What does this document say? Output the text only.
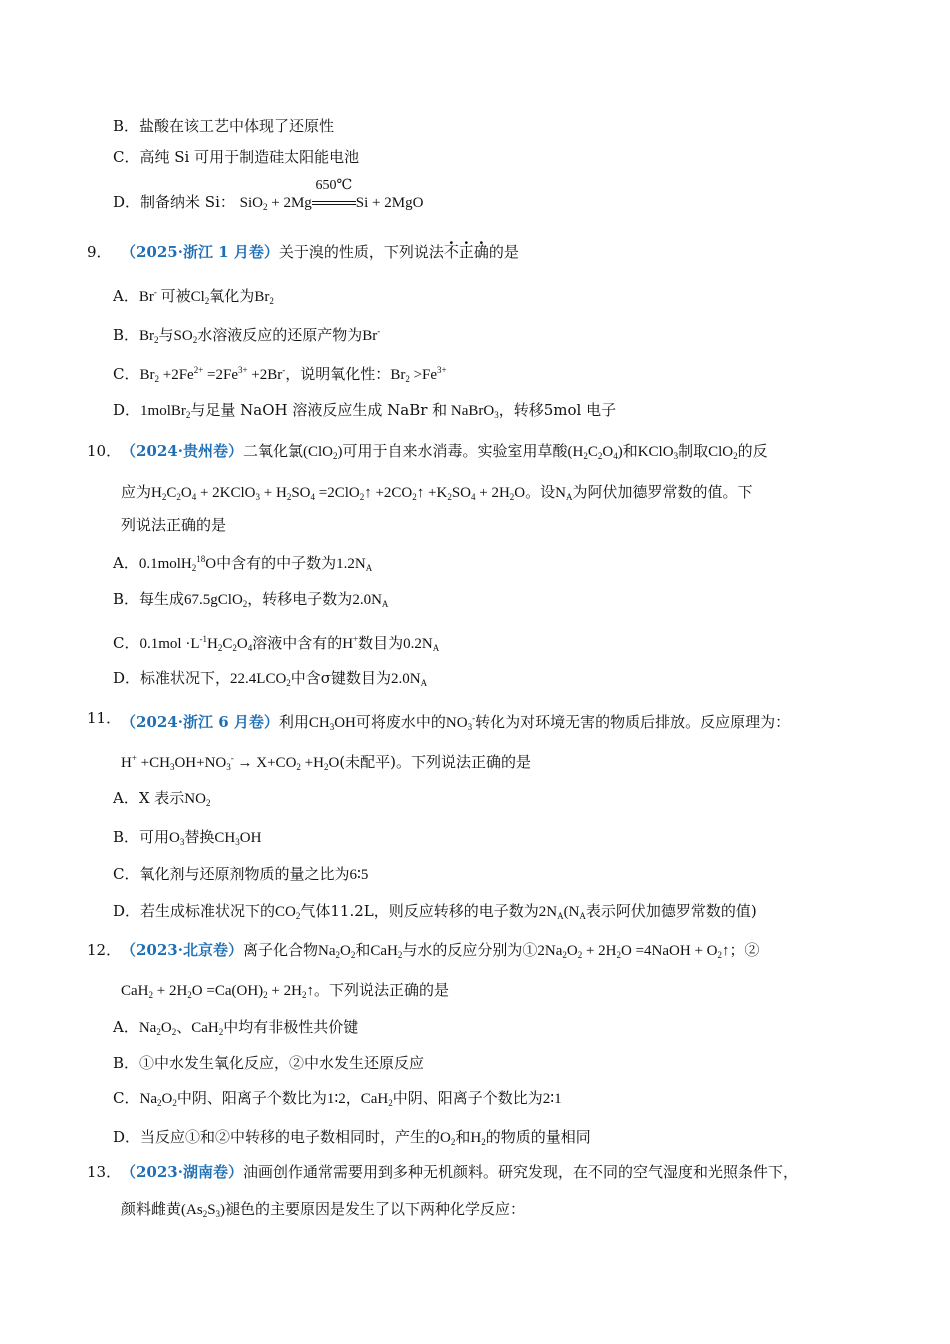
B．盐酸在该工艺中体现了还原性
C．高纯 Si 可用于制造硅太阳能电池
D．制备纳米 Si： SiO$_2$ + 2Mg
650℃
Si + 2MgO
9． （2025·浙江 1 月卷）关于溴的性质，下列说法不正确的是
A．Br- 可被$Cl_2$氧化为$Br_2$
B．$Br_2$与$SO_2$水溶液反应的还原产物为Br-
C．$Br_2 +2Fe^{2+} =2Fe^{3+} +2Br^-$，说明氧化性：$Br_2 >Fe^{3+}$
D．1molBr$_2$与足量 NaOH 溶液反应生成 NaBr 和 NaBrO$_3$，转移5mol 电子
10． （2024·贵州卷）二氧化氯(ClO$_2$)可用于自来水消毒。实验室用草酸$(H_2C_2O_4)$和KClO$_3$制取ClO$_2$的反
应为$H_2C_2O_4$ + 2KClO$_3$ + $H_2SO_4$ =2ClO$_2$↑ $+2CO_2↑ +K_2SO_4 + 2H_2O$。设$N_A$为阿伏加德罗常数的值。下
列说法正确的是
A．0.1molH$_2^{18}$O中含有的中子数为$1.2N_A$
B．每生成67.5gClO$_2$，转移电子数为$2.0N_A$
C．$0.1mol \cdot L^{-1}H_2C_2O_4$溶液中含有的H+数目为$0.2N_A$
D．标准状况下，$22.4LCO_2$中含σ键数目为$2.0N_A$
11． （2024·浙江 6 月卷）利用$CH_3OH$可将废水中的$NO_3^-$转化为对环境无害的物质后排放。反应原理为：
$H^+ +CH_3OH+NO_3^- \to X+CO_2 +H_2O$(未配平)。下列说法正确的是
A．X 表示$NO_2$
B．可用$O_3$替换$CH_3OH$
C．氧化剂与还原剂物质的量之比为6∶5
D．若生成标准状况下的$CO_2$气体11.2L，则反应转移的电子数为$2N_A(N_A$表示阿伏加德罗常数的值)
12． （2023·北京卷）离子化合物$Na_2O_2$和CaH$_2$与水的反应分别为$①2Na_2O_2 + 2H_2O$ =4NaOH + $O_2↑$；②
$CaH_2 + 2H_2O =Ca(OH)_2$ + $2H_2↑$。下列说法正确的是
A．$Na_2O_2$、CaH$_2$中均有非极性共价键
B．①中水发生氧化反应，②中水发生还原反应
C．$Na_2O_2$中阴、阳离子个数比为1∶2，CaH$_2$中阴、阳离子个数比为2∶1
D．当反应①和②中转移的电子数相同时，产生的$O_2$和$H_2$的物质的量相同
13． （2023·湖南卷）油画创作通常需要用到多种无机颜料。研究发现，在不同的空气湿度和光照条件下，
颜料雌黄$(As_2S_3)$褪色的主要原因是发生了以下两种化学反应：
